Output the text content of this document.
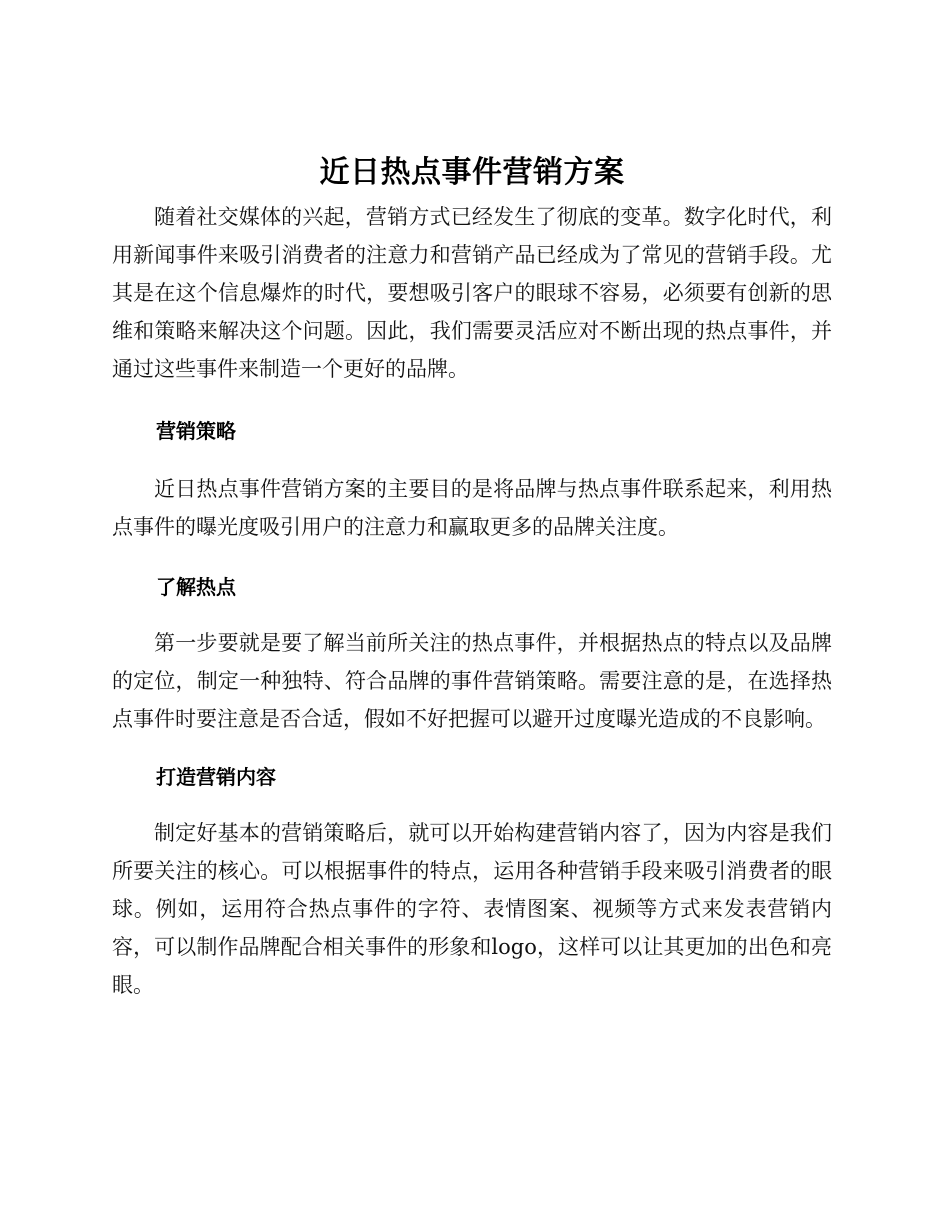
近日热点事件营销方案

随着社交媒体的兴起，营销方式已经发生了彻底的变革。数字化时代，利用新闻事件来吸引消费者的注意力和营销产品已经成为了常见的营销手段。尤其是在这个信息爆炸的时代，要想吸引客户的眼球不容易，必须要有创新的思维和策略来解决这个问题。因此，我们需要灵活应对不断出现的热点事件，并通过这些事件来制造一个更好的品牌。

营销策略

近日热点事件营销方案的主要目的是将品牌与热点事件联系起来，利用热点事件的曝光度吸引用户的注意力和赢取更多的品牌关注度。

了解热点

第一步要就是要了解当前所关注的热点事件，并根据热点的特点以及品牌的定位，制定一种独特、符合品牌的事件营销策略。需要注意的是，在选择热点事件时要注意是否合适，假如不好把握可以避开过度曝光造成的不良影响。

打造营销内容

制定好基本的营销策略后，就可以开始构建营销内容了，因为内容是我们所要关注的核心。可以根据事件的特点，运用各种营销手段来吸引消费者的眼球。例如，运用符合热点事件的字符、表情图案、视频等方式来发表营销内容，可以制作品牌配合相关事件的形象和logo，这样可以让其更加的出色和亮眼。
